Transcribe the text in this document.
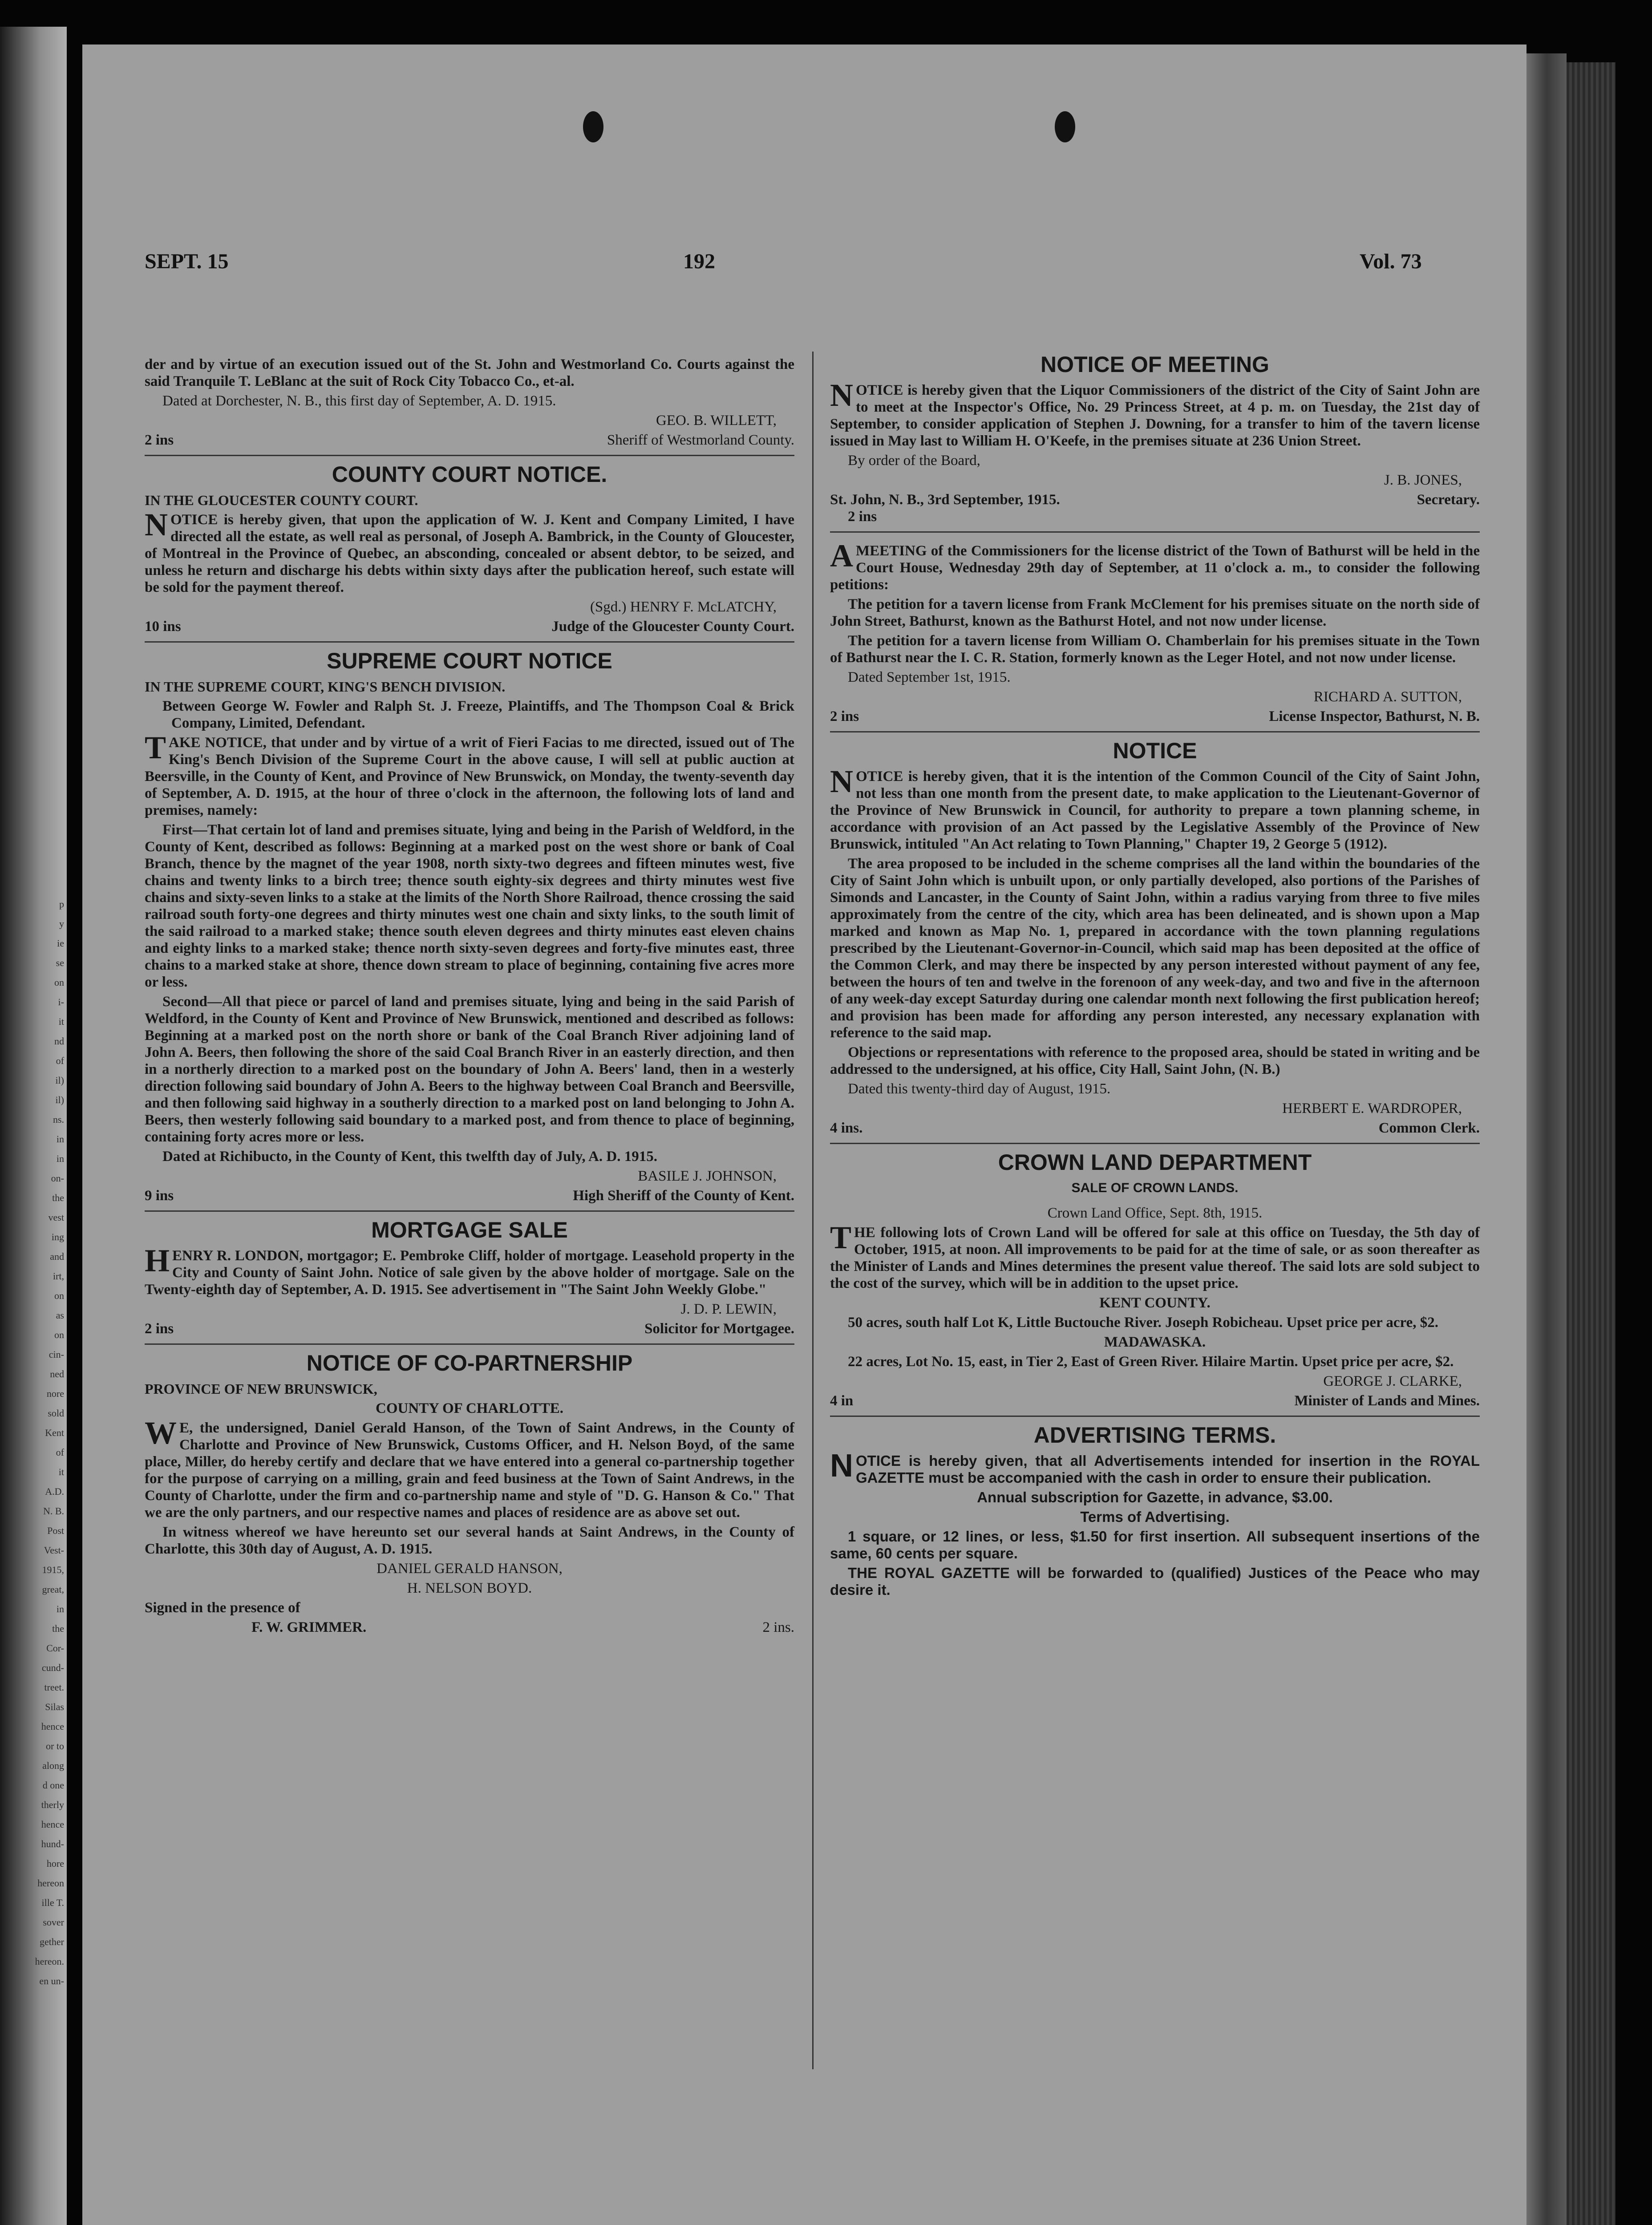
p
y
ie
se
on
i-
it
nd
of
il)
il)
ns.
in
in
on-
the
vest
ing
and
irt,
on
as
on
cin-
ned
nore
sold
Kent
of
it
A.D.
N. B.
Post
Vest-
1915,
great,
in
the
Cor-
cund-
treet.
Silas
hence
or to
along
d one
therly
hence
hund-
hore
hereon
ille T.
sover
gether
hereon.
en un-
SEPT. 15	192	Vol. 73

der and by virtue of an execution issued out of the St. John and Westmorland Co. Courts against the said Tranquile T. LeBlanc at the suit of Rock City Tobacco Co., et-al.

Dated at Dorchester, N. B., this first day of September, A. D. 1915.

GEO. B. WILLETT,

2 ins	Sheriff of Westmorland County.
COUNTY COURT NOTICE.

IN THE GLOUCESTER COUNTY COURT.

NOTICE is hereby given, that upon the application of W. J. Kent and Company Limited, I have directed all the estate, as well real as personal, of Joseph A. Bambrick, in the County of Gloucester, of Montreal in the Province of Quebec, an absconding, concealed or absent debtor, to be seized, and unless he return and discharge his debts within sixty days after the publication hereof, such estate will be sold for the payment thereof.

(Sgd.) HENRY F. McLATCHY,

10 ins	Judge of the Gloucester County Court.
SUPREME COURT NOTICE

IN THE SUPREME COURT, KING'S BENCH DIVISION.

Between George W. Fowler and Ralph St. J. Freeze, Plaintiffs, and The Thompson Coal & Brick Company, Limited, Defendant.

TAKE NOTICE, that under and by virtue of a writ of Fieri Facias to me directed, issued out of The King's Bench Division of the Supreme Court in the above cause, I will sell at public auction at Beersville, in the County of Kent, and Province of New Brunswick, on Monday, the twenty-seventh day of September, A. D. 1915, at the hour of three o'clock in the afternoon, the following lots of land and premises, namely:

First—That certain lot of land and premises situate, lying and being in the Parish of Weldford, in the County of Kent, described as follows: Beginning at a marked post on the west shore or bank of Coal Branch, thence by the magnet of the year 1908, north sixty-two degrees and fifteen minutes west, five chains and twenty links to a birch tree; thence south eighty-six degrees and thirty minutes west five chains and sixty-seven links to a stake at the limits of the North Shore Railroad, thence crossing the said railroad south forty-one degrees and thirty minutes west one chain and sixty links, to the south limit of the said railroad to a marked stake; thence south eleven degrees and thirty minutes east eleven chains and eighty links to a marked stake; thence north sixty-seven degrees and forty-five minutes east, three chains to a marked stake at shore, thence down stream to place of beginning, containing five acres more or less.

Second—All that piece or parcel of land and premises situate, lying and being in the said Parish of Weldford, in the County of Kent and Province of New Brunswick, mentioned and described as follows: Beginning at a marked post on the north shore or bank of the Coal Branch River adjoining land of John A. Beers, then following the shore of the said Coal Branch River in an easterly direction, and then in a northerly direction to a marked post on the boundary of John A. Beers' land, then in a westerly direction following said boundary of John A. Beers to the highway between Coal Branch and Beersville, and then following said highway in a southerly direction to a marked post on land belonging to John A. Beers, then westerly following said boundary to a marked post, and from thence to place of beginning, containing forty acres more or less.

Dated at Richibucto, in the County of Kent, this twelfth day of July, A. D. 1915.

BASILE J. JOHNSON,

9 ins	High Sheriff of the County of Kent.
MORTGAGE SALE

HENRY R. LONDON, mortgagor; E. Pembroke Cliff, holder of mortgage. Leasehold property in the City and County of Saint John. Notice of sale given by the above holder of mortgage. Sale on the Twenty-eighth day of September, A. D. 1915. See advertisement in "The Saint John Weekly Globe."

J. D. P. LEWIN,

2 ins	Solicitor for Mortgagee.
NOTICE OF CO-PARTNERSHIP

PROVINCE OF NEW BRUNSWICK,

COUNTY OF CHARLOTTE.

WE, the undersigned, Daniel Gerald Hanson, of the Town of Saint Andrews, in the County of Charlotte and Province of New Brunswick, Customs Officer, and H. Nelson Boyd, of the same place, Miller, do hereby certify and declare that we have entered into a general co-partnership together for the purpose of carrying on a milling, grain and feed business at the Town of Saint Andrews, in the County of Charlotte, under the firm and co-partnership name and style of "D. G. Hanson & Co." That we are the only partners, and our respective names and places of residence are as above set out.

In witness whereof we have hereunto set our several hands at Saint Andrews, in the County of Charlotte, this 30th day of August, A. D. 1915.

DANIEL GERALD HANSON,

H. NELSON BOYD.

Signed in the presence of

F. W. GRIMMER.	2 ins.
NOTICE OF MEETING

NOTICE is hereby given that the Liquor Commissioners of the district of the City of Saint John are to meet at the Inspector's Office, No. 29 Princess Street, at 4 p. m. on Tuesday, the 21st day of September, to consider application of Stephen J. Downing, for a transfer to him of the tavern license issued in May last to William H. O'Keefe, in the premises situate at 236 Union Street.

By order of the Board,

J. B. JONES,

St. John, N. B., 3rd September, 1915.	Secretary.

2 ins

AMEETING of the Commissioners for the license district of the Town of Bathurst will be held in the Court House, Wednesday 29th day of September, at 11 o'clock a. m., to consider the following petitions:

The petition for a tavern license from Frank McClement for his premises situate on the north side of John Street, Bathurst, known as the Bathurst Hotel, and not now under license.

The petition for a tavern license from William O. Chamberlain for his premises situate in the Town of Bathurst near the I. C. R. Station, formerly known as the Leger Hotel, and not now under license.

Dated September 1st, 1915.

RICHARD A. SUTTON,

2 ins	License Inspector, Bathurst, N. B.
NOTICE

NOTICE is hereby given, that it is the intention of the Common Council of the City of Saint John, not less than one month from the present date, to make application to the Lieutenant-Governor of the Province of New Brunswick in Council, for authority to prepare a town planning scheme, in accordance with provision of an Act passed by the Legislative Assembly of the Province of New Brunswick, intituled "An Act relating to Town Planning," Chapter 19, 2 George 5 (1912).

The area proposed to be included in the scheme comprises all the land within the boundaries of the City of Saint John which is unbuilt upon, or only partially developed, also portions of the Parishes of Simonds and Lancaster, in the County of Saint John, within a radius varying from three to five miles approximately from the centre of the city, which area has been delineated, and is shown upon a Map marked and known as Map No. 1, prepared in accordance with the town planning regulations prescribed by the Lieutenant-Governor-in-Council, which said map has been deposited at the office of the Common Clerk, and may there be inspected by any person interested without payment of any fee, between the hours of ten and twelve in the forenoon of any week-day, and two and five in the afternoon of any week-day except Saturday during one calendar month next following the first publication hereof; and provision has been made for affording any person interested, any necessary explanation with reference to the said map.

Objections or representations with reference to the proposed area, should be stated in writing and be addressed to the undersigned, at his office, City Hall, Saint John, (N. B.)

Dated this twenty-third day of August, 1915.

HERBERT E. WARDROPER,

4 ins.	Common Clerk.
CROWN LAND DEPARTMENT
SALE OF CROWN LANDS.

Crown Land Office, Sept. 8th, 1915.

THE following lots of Crown Land will be offered for sale at this office on Tuesday, the 5th day of October, 1915, at noon. All improvements to be paid for at the time of sale, or as soon thereafter as the Minister of Lands and Mines determines the present value thereof. The said lots are sold subject to the cost of the survey, which will be in addition to the upset price.

KENT COUNTY.

50 acres, south half Lot K, Little Buctouche River. Joseph Robicheau. Upset price per acre, $2.

MADAWASKA.

22 acres, Lot No. 15, east, in Tier 2, East of Green River. Hilaire Martin. Upset price per acre, $2.

GEORGE J. CLARKE,

4 in	Minister of Lands and Mines.
ADVERTISING TERMS.

NOTICE is hereby given, that all Advertisements intended for insertion in the ROYAL GAZETTE must be accompanied with the cash in order to ensure their publication.

Annual subscription for Gazette, in advance, $3.00.

Terms of Advertising.

1 square, or 12 lines, or less, $1.50 for first insertion. All subsequent insertions of the same, 60 cents per square.

THE ROYAL GAZETTE will be forwarded to (qualified) Justices of the Peace who may desire it.
